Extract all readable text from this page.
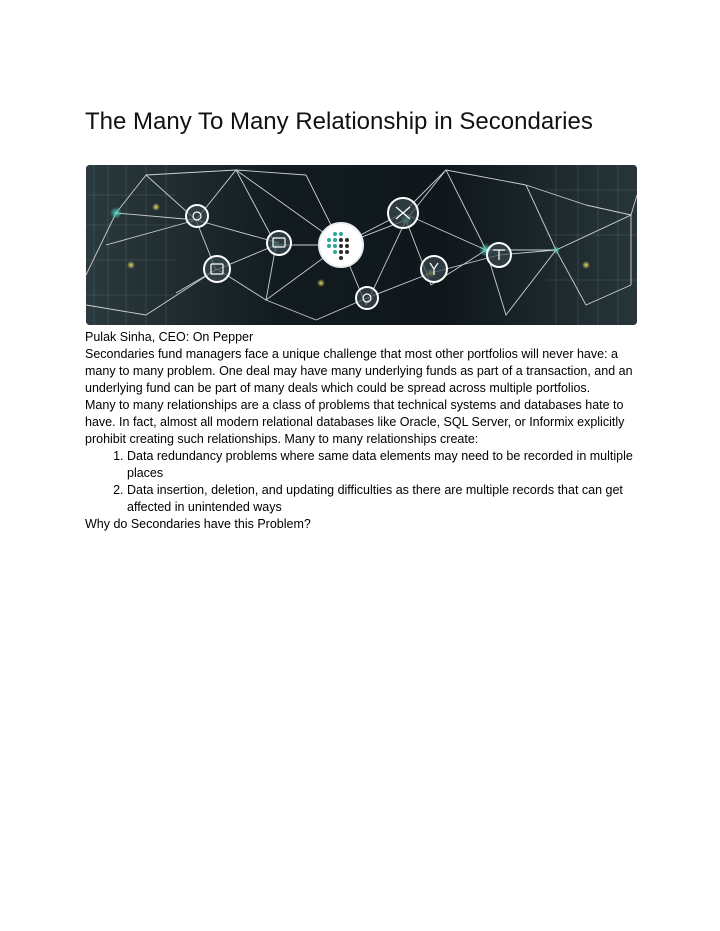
The Many To Many Relationship in Secondaries

Pulak Sinha, CEO: On Pepper

Secondaries fund managers face a unique challenge that most other portfolios will never have: a many to many problem. One deal may have many underlying funds as part of a transaction, and an underlying fund can be part of many deals which could be spread across multiple portfolios.

Many to many relationships are a class of problems that technical systems and databases hate to have. In fact, almost all modern relational databases like Oracle, SQL Server, or Informix explicitly prohibit creating such relationships. Many to many relationships create:

1. Data redundancy problems where same data elements may need to be recorded in multiple places
2. Data insertion, deletion, and updating difficulties as there are multiple records that can get affected in unintended ways

Why do Secondaries have this Problem?
